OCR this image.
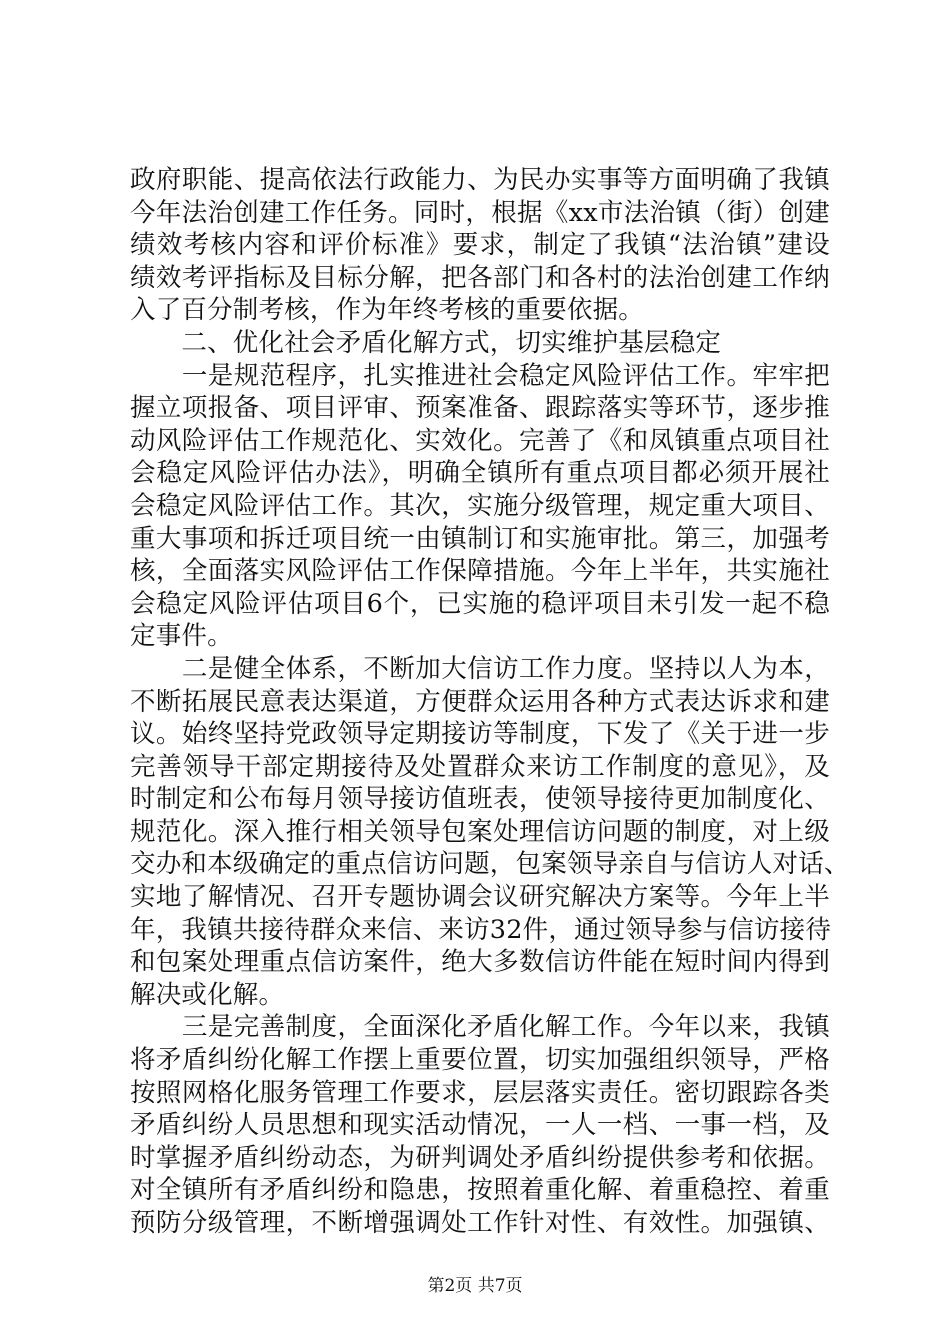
政府职能、提高依法行政能力、为民办实事等方面明确了我镇
今年法治创建工作任务。同时，根据《xx市法治镇（街）创建
绩效考核内容和评价标准》要求，制定了我镇“法治镇”建设
绩效考评指标及目标分解，把各部门和各村的法治创建工作纳
入了百分制考核，作为年终考核的重要依据。
　　二、优化社会矛盾化解方式，切实维护基层稳定
　　一是规范程序，扎实推进社会稳定风险评估工作。牢牢把
握立项报备、项目评审、预案准备、跟踪落实等环节，逐步推
动风险评估工作规范化、实效化。完善了《和凤镇重点项目社
会稳定风险评估办法》，明确全镇所有重点项目都必须开展社
会稳定风险评估工作。其次，实施分级管理，规定重大项目、
重大事项和拆迁项目统一由镇制订和实施审批。第三，加强考
核，全面落实风险评估工作保障措施。今年上半年，共实施社
会稳定风险评估项目6个，已实施的稳评项目未引发一起不稳
定事件。
　　二是健全体系，不断加大信访工作力度。坚持以人为本，
不断拓展民意表达渠道，方便群众运用各种方式表达诉求和建
议。始终坚持党政领导定期接访等制度，下发了《关于进一步
完善领导干部定期接待及处置群众来访工作制度的意见》，及
时制定和公布每月领导接访值班表，使领导接待更加制度化、
规范化。深入推行相关领导包案处理信访问题的制度，对上级
交办和本级确定的重点信访问题，包案领导亲自与信访人对话、
实地了解情况、召开专题协调会议研究解决方案等。今年上半
年，我镇共接待群众来信、来访32件，通过领导参与信访接待
和包案处理重点信访案件，绝大多数信访件能在短时间内得到
解决或化解。
　　三是完善制度，全面深化矛盾化解工作。今年以来，我镇
将矛盾纠纷化解工作摆上重要位置，切实加强组织领导，严格
按照网格化服务管理工作要求，层层落实责任。密切跟踪各类
矛盾纠纷人员思想和现实活动情况，一人一档、一事一档，及
时掌握矛盾纠纷动态，为研判调处矛盾纠纷提供参考和依据。
对全镇所有矛盾纠纷和隐患，按照着重化解、着重稳控、着重
预防分级管理，不断增强调处工作针对性、有效性。加强镇、
第2页 共7页
